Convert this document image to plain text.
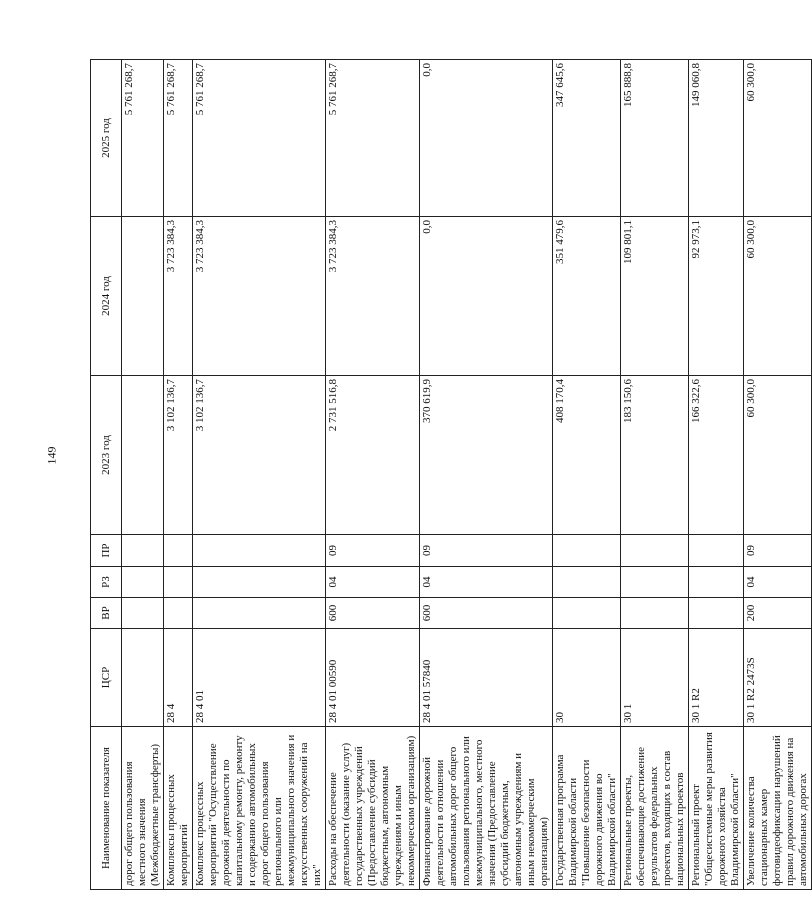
149
Наименование показателя	ЦСР	ВР	РЗ	ПР	2023 год	2024 год	2025 год
дорог общего пользования местного значения (Межбюджетные трансферты)							5 761 268,7
Комплексы процессных мероприятий	28 4				3 102 136,7	3 723 384,3	5 761 268,7
Комплекс процессных мероприятий "Осуществление дорожной деятельности по капитальному ремонту, ремонту и содержанию автомобильных дорог общего пользования регионального или межмуниципального значения и искусственных сооружений на них"	28 4 01				3 102 136,7	3 723 384,3	5 761 268,7
Расходы на обеспечение деятельности (оказание услуг) государственных учреждений (Предоставление субсидий бюджетным, автономным учреждениям и иным некоммерческим организациям)	28 4 01 00590	600	04	09	2 731 516,8	3 723 384,3	5 761 268,7
Финансирование дорожной деятельности в отношении автомобильных дорог общего пользования регионального или межмуниципального, местного значения (Предоставление субсидий бюджетным, автономным учреждениям и иным некоммерческим организациям)	28 4 01 57840	600	04	09	370 619,9	0,0	0,0
Государственная программа Владимирской области "Повышение безопасности дорожного движения во Владимирской области"	30				408 170,4	351 479,6	347 645,6
Региональные проекты, обеспечивающие достижение результатов федеральных проектов, входящих в состав национальных проектов	30 1				183 150,6	109 801,1	165 888,8
Региональный проект "Общесистемные меры развития дорожного хозяйства Владимирской области"	30 1 R2				166 322,6	92 973,1	149 060,8
Увеличение количества стационарных камер фотовидеофиксации нарушений правил дорожного движения на автомобильных дорогах	30 1 R2 2473S	200	04	09	60 300,0	60 300,0	60 300,0
